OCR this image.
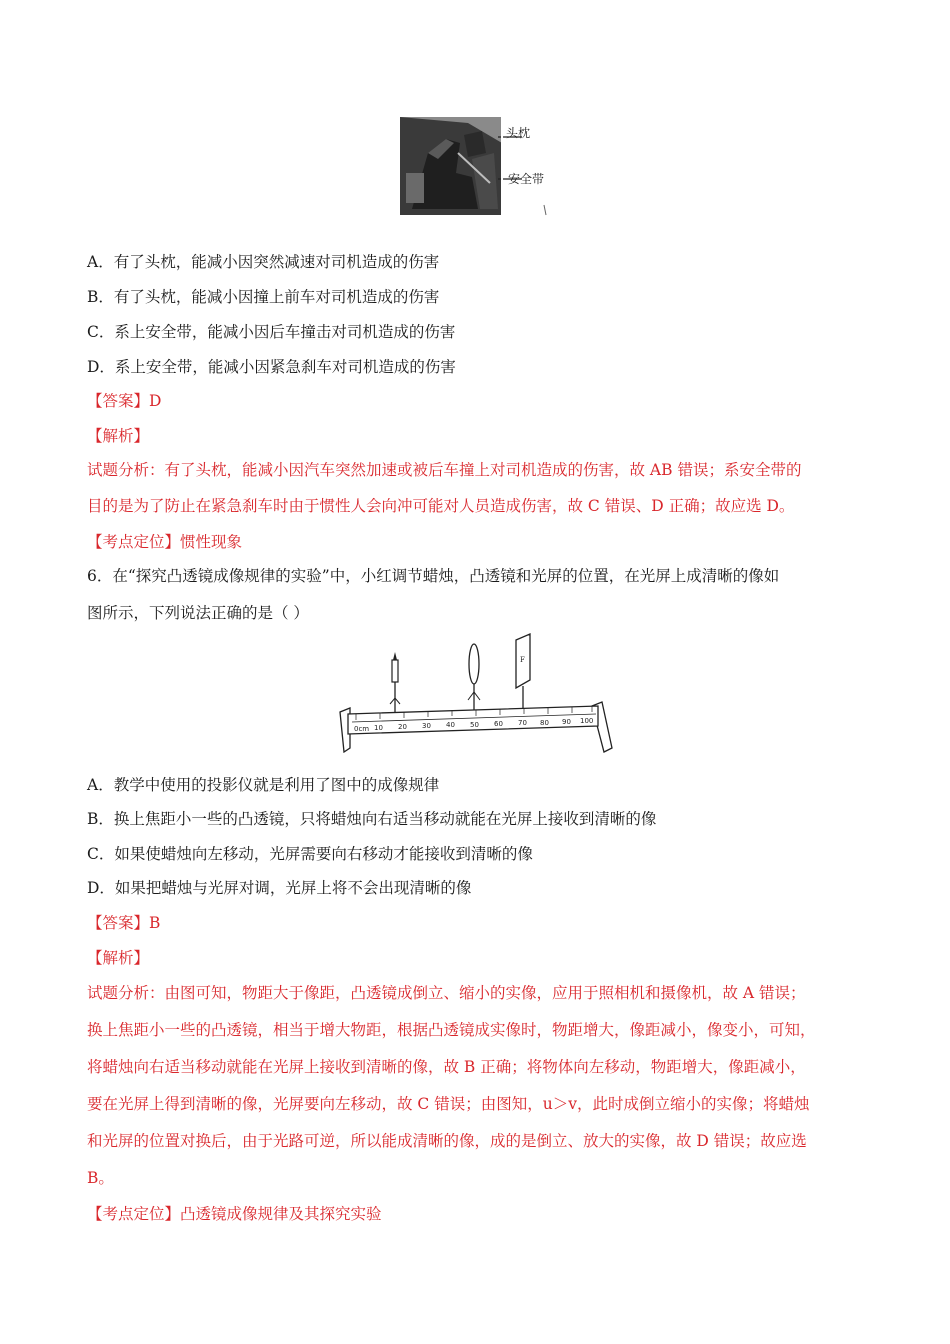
头枕
安全带
A．有了头枕，能减小因突然减速对司机造成的伤害
B．有了头枕，能减小因撞上前车对司机造成的伤害
C．系上安全带，能减小因后车撞击对司机造成的伤害
D．系上安全带，能减小因紧急刹车对司机造成的伤害
【答案】D
【解析】
试题分析：有了头枕，能减小因汽车突然加速或被后车撞上对司机造成的伤害，故 AB 错误；系安全带的
目的是为了防止在紧急刹车时由于惯性人会向冲可能对人员造成伤害，故 C 错误、D 正确；故应选 D。
【考点定位】惯性现象
6．在“探究凸透镜成像规律的实验”中，小红调节蜡烛，凸透镜和光屏的位置，在光屏上成清晰的像如
图所示，下列说法正确的是（ ）
F
0cm 10 20 30 40 50 60 70 80 90 100
A．教学中使用的投影仪就是利用了图中的成像规律
B．换上焦距小一些的凸透镜，只将蜡烛向右适当移动就能在光屏上接收到清晰的像
C．如果使蜡烛向左移动，光屏需要向右移动才能接收到清晰的像
D．如果把蜡烛与光屏对调，光屏上将不会出现清晰的像
【答案】B
【解析】
试题分析：由图可知，物距大于像距，凸透镜成倒立、缩小的实像，应用于照相机和摄像机，故 A 错误；
换上焦距小一些的凸透镜，相当于增大物距，根据凸透镜成实像时，物距增大，像距减小，像变小，可知，
将蜡烛向右适当移动就能在光屏上接收到清晰的像，故 B 正确；将物体向左移动，物距增大，像距减小，
要在光屏上得到清晰的像，光屏要向左移动，故 C 错误；由图知，u＞v，此时成倒立缩小的实像；将蜡烛
和光屏的位置对换后，由于光路可逆，所以能成清晰的像，成的是倒立、放大的实像，故 D 错误；故应选
B。
【考点定位】凸透镜成像规律及其探究实验
